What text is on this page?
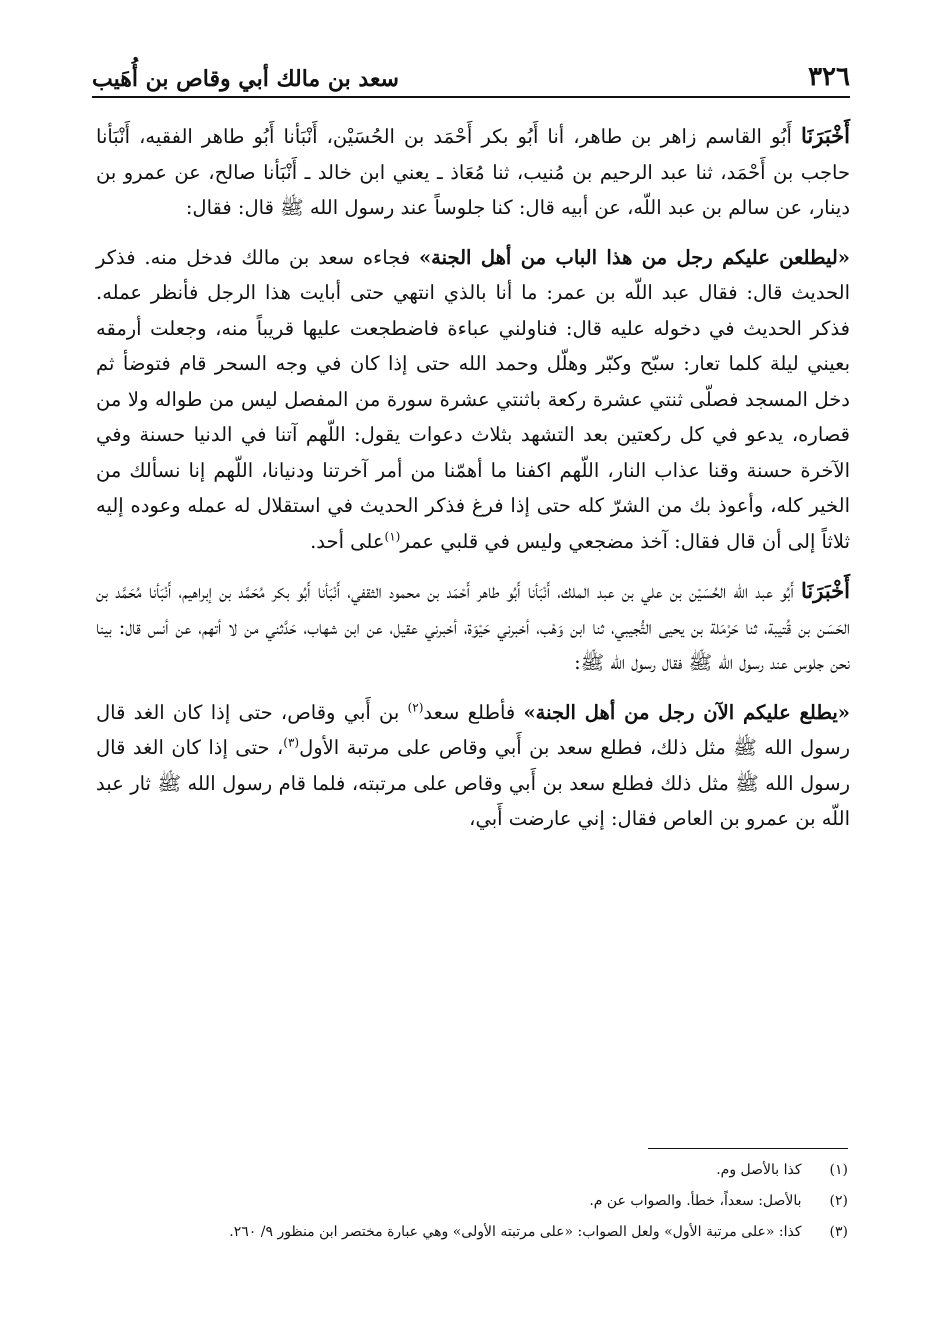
٣٢٦
سعد بن مالك أبي وقاص بن أُهَيب

أَخْبَرَنَا أَبُو القاسم زاهر بن طاهر، أنا أَبُو بكر أَحْمَد بن الحُسَيْن، أَنْبَأنا أَبُو طاهر الفقيه، أَنْبَأنا حاجب بن أَحْمَد، ثنا عبد الرحيم بن مُنيب، ثنا مُعَاذ ـ يعني ابن خالد ـ أَنْبَأنا صالح، عن عمرو بن دينار، عن سالم بن عبد اللّه، عن أبيه قال: كنا جلوساً عند رسول الله ﷺ قال: فقال:

«ليطلعن عليكم رجل من هذا الباب من أهل الجنة» فجاءه سعد بن مالك فدخل منه. فذكر الحديث قال: فقال عبد اللّه بن عمر: ما أنا بالذي انتهي حتى أبايت هذا الرجل فأنظر عمله. فذكر الحديث في دخوله عليه قال: فناولني عباءة فاضطجعت عليها قريباً منه، وجعلت أرمقه بعيني ليلة كلما تعار: سبّح وكبّر وهلّل وحمد الله حتى إذا كان في وجه السحر قام فتوضأ ثم دخل المسجد فصلّى ثنتي عشرة ركعة باثنتي عشرة سورة من المفصل ليس من طواله ولا من قصاره، يدعو في كل ركعتين بعد التشهد بثلاث دعوات يقول: اللّهم آتنا في الدنيا حسنة وفي الآخرة حسنة وقنا عذاب النار، اللّهم اكفنا ما أهمّنا من أمر آخرتنا ودنيانا، اللّهم إنا نسألك من الخير كله، وأعوذ بك من الشرّ كله حتى إذا فرغ فذكر الحديث في استقلال له عمله وعوده إليه ثلاثاً إلى أن قال فقال: آخذ مضجعي وليس في قلبي عمر$^{(١)}$على أحد.

أَخْبَرَنَا أَبُو عبد اللّه الحُسَيْن بن علي بن عبد الملك، أَنْبَأنا أَبُو طاهر أَحْمَد بن محمود الثقفي، أَنْبَأنا أَبُو بكر مُحَمَّد بن إبراهيم، أَنْبَأنا مُحَمَّد بن الحَسَن بن قُتيبة، ثنا حَرْمَلة بن يحيى التُّجيبي، ثنا ابن وَهْب، أخبرني حَيْوَة، أخبرني عقيل، عن ابن شهاب، حَدَّثني من لا أتهم، عن أنس قال: بينا نحن جلوس عند رسول الله ﷺ فقال رسول الله ﷺ:

«يطلع عليكم الآن رجل من أهل الجنة» فأطلع سعد$^{(٢)}$ بن أَبي وقاص، حتى إذا كان الغد قال رسول الله ﷺ مثل ذلك، فطلع سعد بن أَبي وقاص على مرتبة الأول$^{(٣)}$، حتى إذا كان الغد قال رسول الله ﷺ مثل ذلك فطلع سعد بن أَبي وقاص على مرتبته، فلما قام رسول الله ﷺ ثار عبد اللّه بن عمرو بن العاص فقال: إني عارضت أَبي،

(١) كذا بالأصل وم.
(٢) بالأصل: سعداً، خطأ. والصواب عن م.
(٣) كذا: «على مرتبة الأول» ولعل الصواب: «على مرتبته الأولى» وهي عبارة مختصر ابن منظور ٩/ ٢٦٠.
